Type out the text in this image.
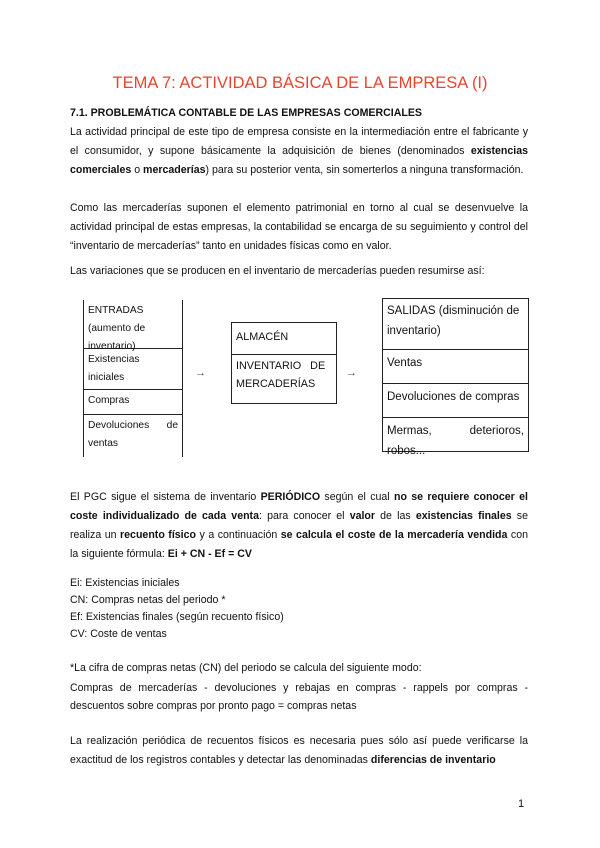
TEMA 7: ACTIVIDAD BÁSICA DE LA EMPRESA (I)
7.1. PROBLEMÁTICA CONTABLE DE LAS EMPRESAS COMERCIALES
La actividad principal de este tipo de empresa consiste en la intermediación entre el fabricante y el consumidor, y supone básicamente la adquisición de bienes (denominados existencias comerciales o mercaderías) para su posterior venta, sin somerterlos a ninguna transformación.
Como las mercaderías suponen el elemento patrimonial en torno al cual se desenvuelve la actividad principal de estas empresas, la contabilidad se encarga de su seguimiento y control del “inventario de mercaderías” tanto en unidades físicas como en valor.
Las variaciones que se producen en el inventario de mercaderías pueden resumirse así:
ENTRADAS (aumento de inventario)
Existencias iniciales
Compras
Devoluciones de ventas
→
ALMACÉN
INVENTARIO DE MERCADERÍAS
→
SALIDAS (disminución de inventario)
Ventas
Devoluciones de compras
Mermas, deterioros, robos...
El PGC sigue el sistema de inventario PERIÓDICO según el cual no se requiere conocer el coste individualizado de cada venta: para conocer el valor de las existencias finales se realiza un recuento físico y a continuación se calcula el coste de la mercadería vendida con la siguiente fórmula: Ei + CN - Ef = CV
Ei: Existencias iniciales
CN: Compras netas del periodo *
Ef: Existencias finales (según recuento físico)
CV: Coste de ventas
*La cifra de compras netas (CN) del periodo se calcula del siguiente modo:
Compras de mercaderías - devoluciones y rebajas en compras - rappels por compras - descuentos sobre compras por pronto pago = compras netas
La realización periódica de recuentos físicos es necesaria pues sólo así puede verificarse la exactitud de los registros contables y detectar las denominadas diferencias de inventario
1
